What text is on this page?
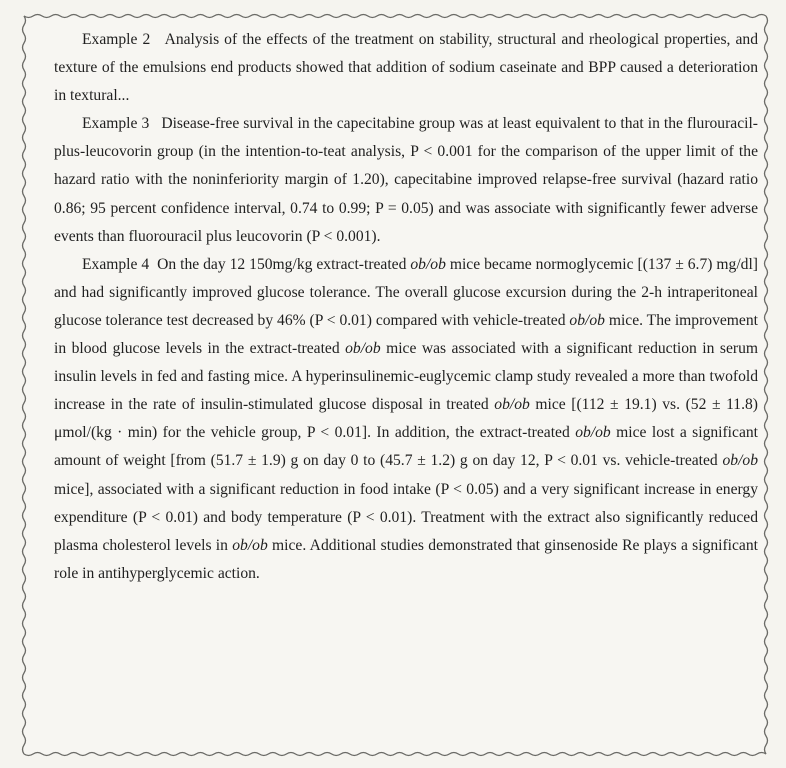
Example 2 Analysis of the effects of the treatment on stability, structural and rheological properties, and texture of the emulsions end products showed that addition of sodium caseinate and BPP caused a deterioration in textural...

Example 3 Disease-free survival in the capecitabine group was at least equivalent to that in the flurouracil-plus-leucovorin group (in the intention-to-teat analysis, P < 0.001 for the comparison of the upper limit of the hazard ratio with the noninferiority margin of 1.20), capecitabine improved relapse-free survival (hazard ratio 0.86; 95 percent confidence interval, 0.74 to 0.99; P = 0.05) and was associate with significantly fewer adverse events than fluorouracil plus leucovorin (P < 0.001).

Example 4 On the day 12 150mg/kg extract-treated ob/ob mice became normoglycemic [(137 ± 6.7) mg/dl] and had significantly improved glucose tolerance. The overall glucose excursion during the 2-h intraperitoneal glucose tolerance test decreased by 46% (P < 0.01) compared with vehicle-treated ob/ob mice. The improvement in blood glucose levels in the extract-treated ob/ob mice was associated with a significant reduction in serum insulin levels in fed and fasting mice. A hyperinsulinemic-euglycemic clamp study revealed a more than twofold increase in the rate of insulin-stimulated glucose disposal in treated ob/ob mice [(112 ± 19.1) vs. (52 ± 11.8) μmol/(kg · min) for the vehicle group, P < 0.01]. In addition, the extract-treated ob/ob mice lost a significant amount of weight [from (51.7 ± 1.9) g on day 0 to (45.7 ± 1.2) g on day 12, P < 0.01 vs. vehicle-treated ob/ob mice], associated with a significant reduction in food intake (P < 0.05) and a very significant increase in energy expenditure (P < 0.01) and body temperature (P < 0.01). Treatment with the extract also significantly reduced plasma cholesterol levels in ob/ob mice. Additional studies demonstrated that ginsenoside Re plays a significant role in antihyperglycemic action.
